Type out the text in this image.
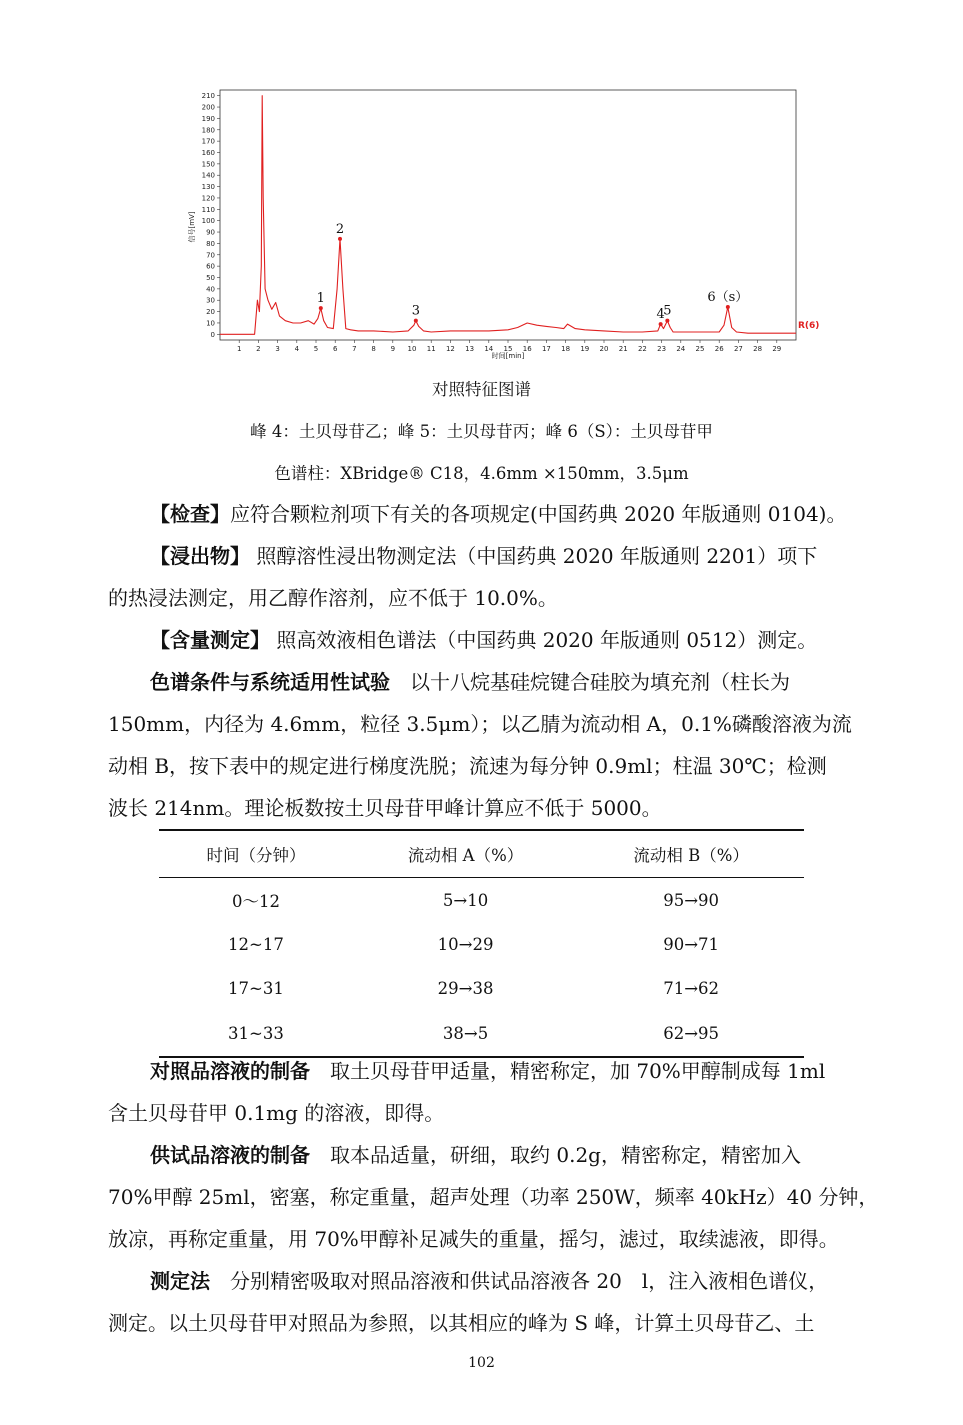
0
10
20
30
40
50
60
70
80
90
100
110
120
130
140
150
160
170
180
190
200
210
1 2 3 4 5 6 7 8 9 10 11 12 13 14 15 16 17 18 19 20 21 22 23 24 25 26 27 28 29
1
2
3	4
5
6（s）
信号[mV]
时间[min]
R(6)
对照特征图谱
峰 4：土贝母苷乙；峰 5：土贝母苷丙；峰 6（S）：土贝母苷甲
色谱柱：XBridge® C18，4.6mm ×150mm，3.5μm
【检查】应符合颗粒剂项下有关的各项规定(中国药典 2020 年版通则 0104)。
【浸出物】 照醇溶性浸出物测定法（中国药典 2020 年版通则 2201）项下
的热浸法测定，用乙醇作溶剂，应不低于 10.0%。
【含量测定】 照高效液相色谱法（中国药典 2020 年版通则 0512）测定。
色谱条件与系统适用性试验　以十八烷基硅烷键合硅胶为填充剂（柱长为
150mm，内径为 4.6mm，粒径 3.5μm）；以乙腈为流动相 A，0.1%磷酸溶液为流
动相 B，按下表中的规定进行梯度洗脱；流速为每分钟 0.9ml；柱温 30℃；检测
波长 214nm。理论板数按土贝母苷甲峰计算应不低于 5000。
时间（分钟）	流动相 A（%）	流动相 B（%）
0～12	5→10	95→90
12~17	10→29	90→71
17~31	29→38	71→62
31~33	38→5	62→95
对照品溶液的制备　取土贝母苷甲适量，精密称定，加 70%甲醇制成每 1ml
含土贝母苷甲 0.1mg 的溶液，即得。
供试品溶液的制备　取本品适量，研细，取约 0.2g，精密称定，精密加入
70%甲醇 25ml，密塞，称定重量，超声处理（功率 250W，频率 40kHz）40 分钟，
放凉，再称定重量，用 70%甲醇补足减失的重量，摇匀，滤过，取续滤液，即得。
测定法　分别精密吸取对照品溶液和供试品溶液各 20　l，注入液相色谱仪，
测定。以土贝母苷甲对照品为参照，以其相应的峰为 S 峰，计算土贝母苷乙、土
102
